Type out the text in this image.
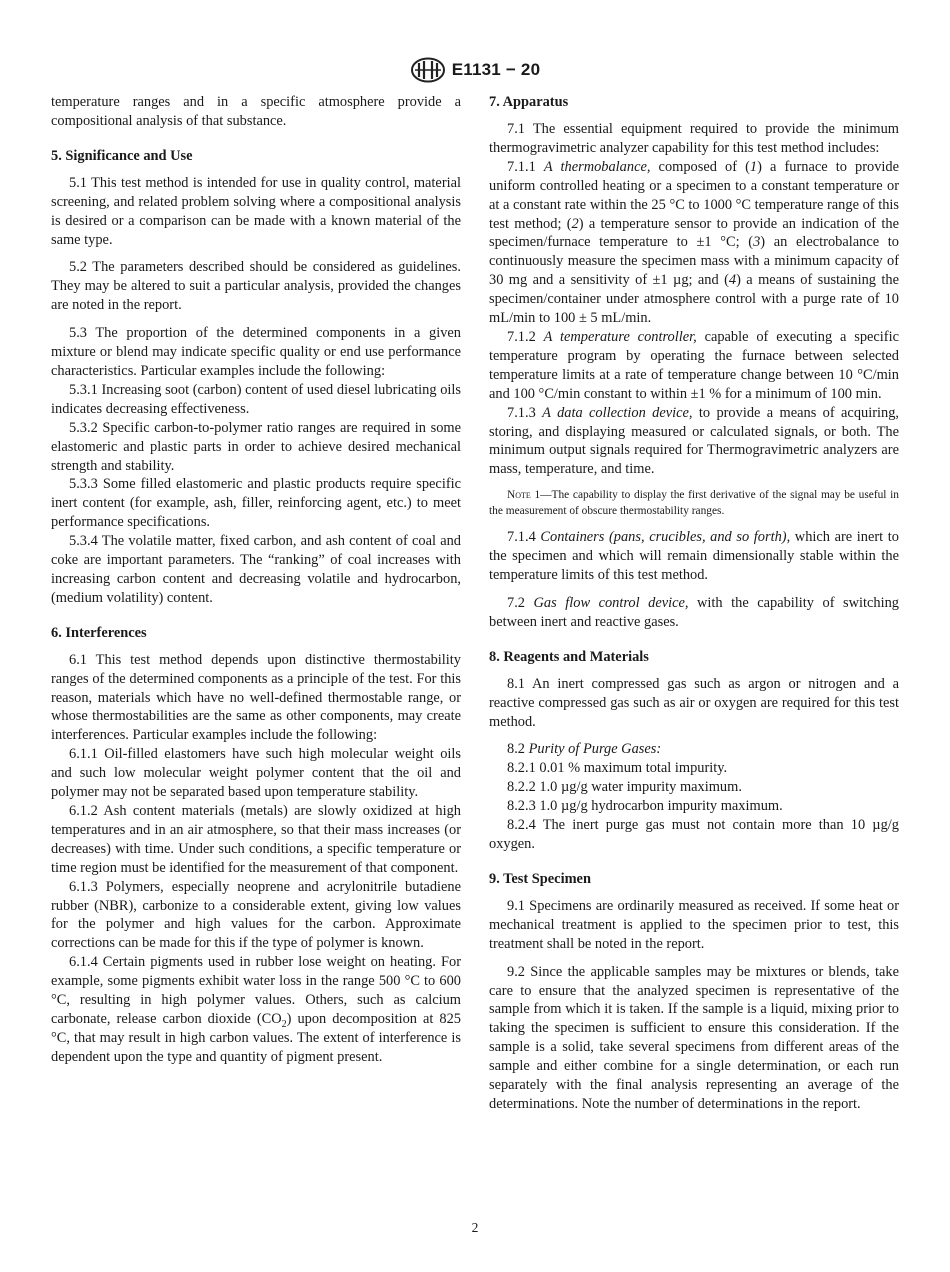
E1131 − 20

temperature ranges and in a specific atmosphere provide a compositional analysis of that substance.

5. Significance and Use

5.1 This test method is intended for use in quality control, material screening, and related problem solving where a compositional analysis is desired or a comparison can be made with a known material of the same type.

5.2 The parameters described should be considered as guidelines. They may be altered to suit a particular analysis, provided the changes are noted in the report.

5.3 The proportion of the determined components in a given mixture or blend may indicate specific quality or end use performance characteristics. Particular examples include the following:

5.3.1 Increasing soot (carbon) content of used diesel lubricating oils indicates decreasing effectiveness.

5.3.2 Specific carbon-to-polymer ratio ranges are required in some elastomeric and plastic parts in order to achieve desired mechanical strength and stability.

5.3.3 Some filled elastomeric and plastic products require specific inert content (for example, ash, filler, reinforcing agent, etc.) to meet performance specifications.

5.3.4 The volatile matter, fixed carbon, and ash content of coal and coke are important parameters. The “ranking” of coal increases with increasing carbon content and decreasing volatile and hydrocarbon, (medium volatility) content.

6. Interferences

6.1 This test method depends upon distinctive thermostability ranges of the determined components as a principle of the test. For this reason, materials which have no well-defined thermostable range, or whose thermostabilities are the same as other components, may create interferences. Particular examples include the following:

6.1.1 Oil-filled elastomers have such high molecular weight oils and such low molecular weight polymer content that the oil and polymer may not be separated based upon temperature stability.

6.1.2 Ash content materials (metals) are slowly oxidized at high temperatures and in an air atmosphere, so that their mass increases (or decreases) with time. Under such conditions, a specific temperature or time region must be identified for the measurement of that component.

6.1.3 Polymers, especially neoprene and acrylonitrile butadiene rubber (NBR), carbonize to a considerable extent, giving low values for the polymer and high values for the carbon. Approximate corrections can be made for this if the type of polymer is known.

6.1.4 Certain pigments used in rubber lose weight on heating. For example, some pigments exhibit water loss in the range 500 °C to 600 °C, resulting in high polymer values. Others, such as calcium carbonate, release carbon dioxide $(CO_2)$ upon decomposition at 825 °C, that may result in high carbon values. The extent of interference is dependent upon the type and quantity of pigment present.

7. Apparatus

7.1 The essential equipment required to provide the minimum thermogravimetric analyzer capability for this test method includes:

7.1.1 A thermobalance, composed of (1) a furnace to provide uniform controlled heating or a specimen to a constant temperature or at a constant rate within the 25 °C to 1000 °C temperature range of this test method; (2) a temperature sensor to provide an indication of the specimen/furnace temperature to ±1 °C; (3) an electrobalance to continuously measure the specimen mass with a minimum capacity of 30 mg and a sensitivity of ±1 µg; and (4) a means of sustaining the specimen/container under atmosphere control with a purge rate of 10 mL/min to 100 ± 5 mL/min.

7.1.2 A temperature controller, capable of executing a specific temperature program by operating the furnace between selected temperature limits at a rate of temperature change between 10 °C/min and 100 °C/min constant to within ±1 % for a minimum of 100 min.

7.1.3 A data collection device, to provide a means of acquiring, storing, and displaying measured or calculated signals, or both. The minimum output signals required for Thermogravimetric analyzers are mass, temperature, and time.

Note 1—The capability to display the first derivative of the signal may be useful in the measurement of obscure thermostability ranges.

7.1.4 Containers (pans, crucibles, and so forth), which are inert to the specimen and which will remain dimensionally stable within the temperature limits of this test method.

7.2 Gas flow control device, with the capability of switching between inert and reactive gases.

8. Reagents and Materials

8.1 An inert compressed gas such as argon or nitrogen and a reactive compressed gas such as air or oxygen are required for this test method.

8.2 Purity of Purge Gases:

8.2.1 0.01 % maximum total impurity.

8.2.2 1.0 µg/g water impurity maximum.

8.2.3 1.0 µg/g hydrocarbon impurity maximum.

8.2.4 The inert purge gas must not contain more than 10 µg/g oxygen.

9. Test Specimen

9.1 Specimens are ordinarily measured as received. If some heat or mechanical treatment is applied to the specimen prior to test, this treatment shall be noted in the report.

9.2 Since the applicable samples may be mixtures or blends, take care to ensure that the analyzed specimen is representative of the sample from which it is taken. If the sample is a liquid, mixing prior to taking the specimen is sufficient to ensure this consideration. If the sample is a solid, take several specimens from different areas of the sample and either combine for a single determination, or each run separately with the final analysis representing an average of the determinations. Note the number of determinations in the report.

2
